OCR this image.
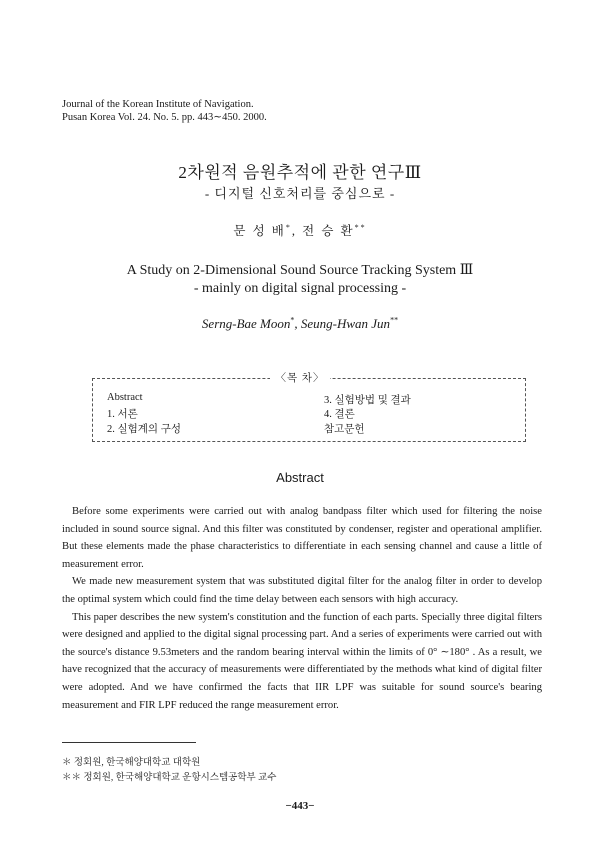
Journal of the Korean Institute of Navigation.
Pusan Korea Vol. 24. No. 5. pp. 443∼450. 2000.
2차원적 음원추적에 관한 연구Ⅲ
- 디지털 신호처리를 중심으로 -
문 성 배*, 전 승 환**
A Study on 2-Dimensional Sound Source Tracking System Ⅲ
- mainly on digital signal processing -
Serng-Bae Moon*, Seung-Hwan Jun**
〈목 차〉
Abstract
1. 서론
2. 실험계의 구성
3. 실험방법 및 결과
4. 결론
참고문헌
Abstract

Before some experiments were carried out with analog bandpass filter which used for filtering the noise included in sound source signal. And this filter was constituted by condenser, register and operational amplifier. But these elements made the phase characteristics to differentiate in each sensing channel and cause a little of measurement error.

We made new measurement system that was substituted digital filter for the analog filter in order to develop the optimal system which could find the time delay between each sensors with high accuracy.

This paper describes the new system's constitution and the function of each parts. Specially three digital filters were designed and applied to the digital signal processing part. And a series of experiments were carried out with the source's distance 9.53meters and the random bearing interval within the limits of 0° ∼180° . As a result, we have recognized that the accuracy of measurements were differentiated by the methods what kind of digital filter were adopted. And we have confirmed the facts that IIR LPF was suitable for sound source's bearing measurement and FIR LPF reduced the range measurement error.

＊ 정회원, 한국해양대학교 대학원
＊＊ 정회원, 한국해양대학교 운항시스템공학부 교수
−443−
